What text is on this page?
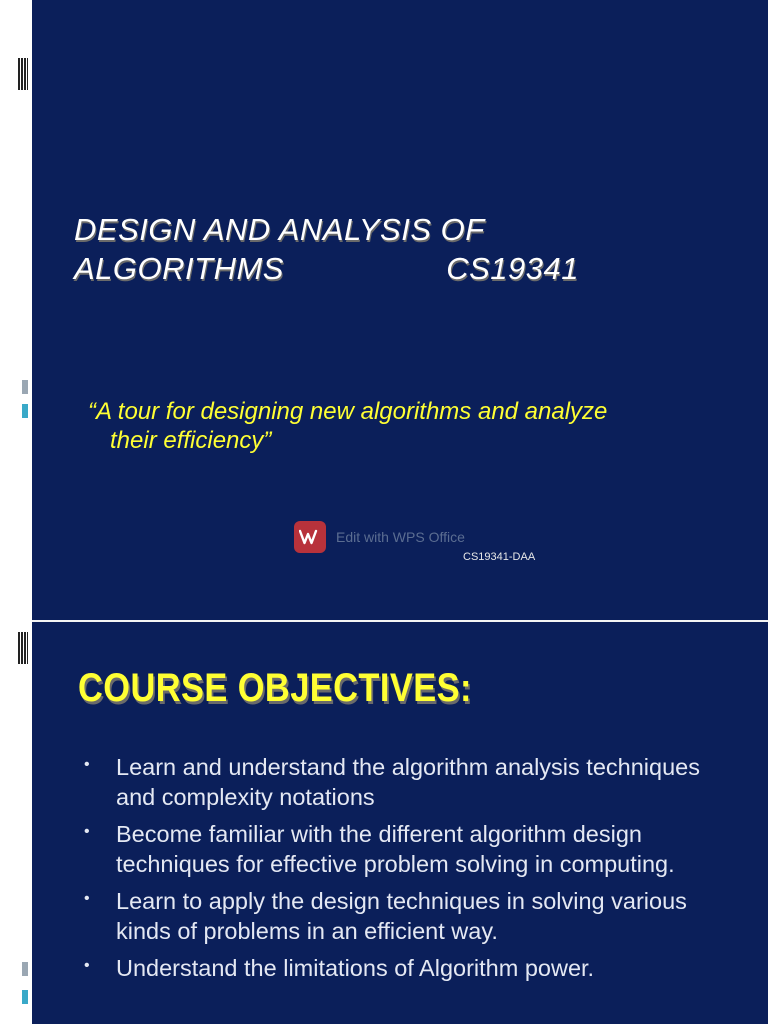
DESIGN AND ANALYSIS OF
ALGORITHMS	CS19341
“A tour for designing new algorithms and analyze
their efficiency”
Edit with WPS Office
CS19341-DAA
COURSE OBJECTIVES:
• Learn and understand the algorithm analysis techniques and complexity notations
• Become familiar with the different algorithm design techniques for effective problem solving in computing.
• Learn to apply the design techniques in solving various kinds of problems in an efficient way.
• Understand the limitations of Algorithm power.
